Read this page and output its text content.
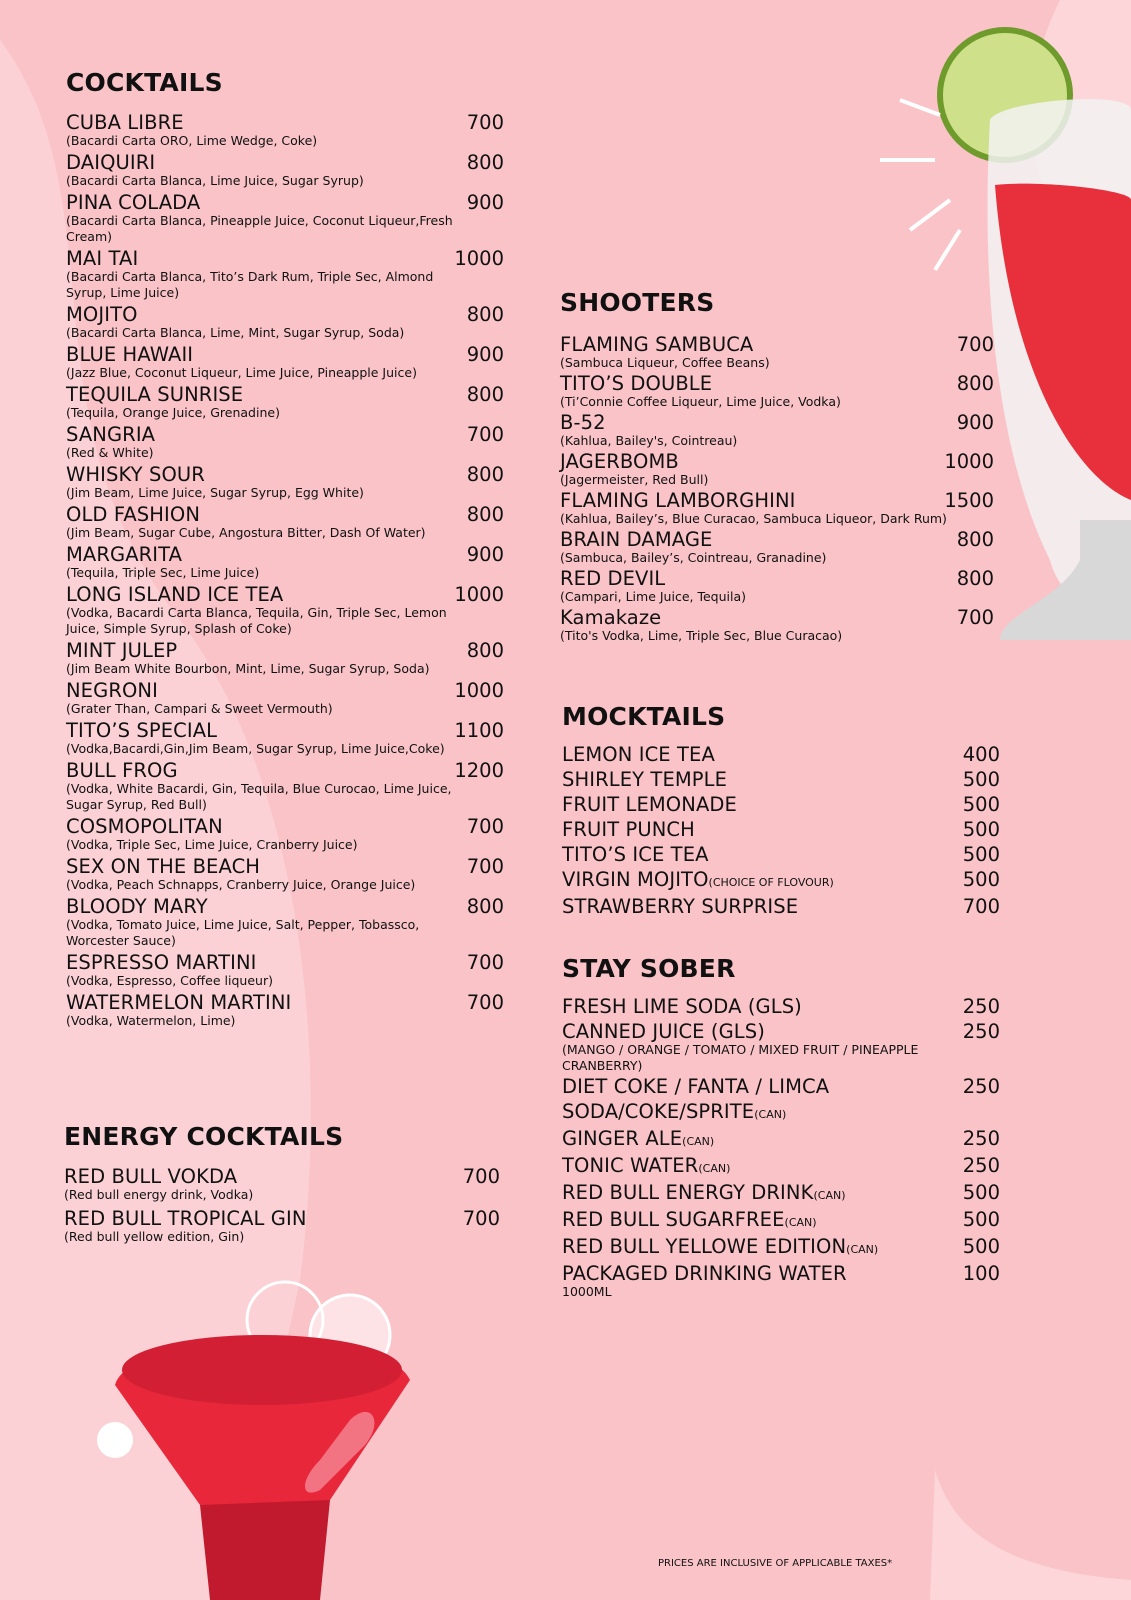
COCKTAILS
CUBA LIBRE	700
(Bacardi Carta ORO, Lime Wedge, Coke)
DAIQUIRI	800
(Bacardi Carta Blanca, Lime Juice, Sugar Syrup)
PINA COLADA	900
(Bacardi Carta Blanca, Pineapple Juice, Coconut Liqueur,Fresh Cream)
MAI TAI	1000
(Bacardi Carta Blanca, Tito’s Dark Rum, Triple Sec, Almond Syrup, Lime Juice)
MOJITO	800
(Bacardi Carta Blanca, Lime, Mint, Sugar Syrup, Soda)
BLUE HAWAII	900
(Jazz Blue, Coconut Liqueur, Lime Juice, Pineapple Juice)
TEQUILA SUNRISE	800
(Tequila, Orange Juice, Grenadine)
SANGRIA	700
(Red & White)
WHISKY SOUR	800
(Jim Beam, Lime Juice, Sugar Syrup, Egg White)
OLD FASHION	800
(Jim Beam, Sugar Cube, Angostura Bitter, Dash Of Water)
MARGARITA	900
(Tequila, Triple Sec, Lime Juice)
LONG ISLAND ICE TEA	1000
(Vodka, Bacardi Carta Blanca, Tequila, Gin, Triple Sec, Lemon Juice, Simple Syrup, Splash of Coke)
MINT JULEP	800
(Jim Beam White Bourbon, Mint, Lime, Sugar Syrup, Soda)
NEGRONI	1000
(Grater Than, Campari & Sweet Vermouth)
TITO’S SPECIAL	1100
(Vodka,Bacardi,Gin,Jim Beam, Sugar Syrup, Lime Juice,Coke)
BULL FROG	1200
(Vodka, White Bacardi, Gin, Tequila, Blue Curocao, Lime Juice, Sugar Syrup, Red Bull)
COSMOPOLITAN	700
(Vodka, Triple Sec, Lime Juice, Cranberry Juice)
SEX ON THE BEACH	700
(Vodka, Peach Schnapps, Cranberry Juice, Orange Juice)
BLOODY MARY	800
(Vodka, Tomato Juice, Lime Juice, Salt, Pepper, Tobassco, Worcester Sauce)
ESPRESSO MARTINI	700
(Vodka, Espresso, Coffee liqueur)
WATERMELON MARTINI	700
(Vodka, Watermelon, Lime)
ENERGY COCKTAILS
RED BULL VOKDA	700
(Red bull energy drink, Vodka)
RED BULL TROPICAL GIN	700
(Red bull yellow edition, Gin)
SHOOTERS
FLAMING SAMBUCA	700
(Sambuca Liqueur, Coffee Beans)
TITO’S DOUBLE	800
(Ti’Connie Coffee Liqueur, Lime Juice, Vodka)
B-52	900
(Kahlua, Bailey's, Cointreau)
JAGERBOMB	1000
(Jagermeister, Red Bull)
FLAMING LAMBORGHINI	1500
(Kahlua, Bailey’s, Blue Curacao, Sambuca Liqueor, Dark Rum)
BRAIN DAMAGE	800
(Sambuca, Bailey’s, Cointreau, Granadine)
RED DEVIL	800
(Campari, Lime Juice, Tequila)
Kamakaze	700
(Tito's Vodka, Lime, Triple Sec, Blue Curacao)
MOCKTAILS
LEMON ICE TEA	400
SHIRLEY TEMPLE	500
FRUIT LEMONADE	500
FRUIT PUNCH	500
TITO’S ICE TEA	500
VIRGIN MOJITO(CHOICE OF FLOVOUR)	500
STRAWBERRY SURPRISE	700
STAY SOBER
FRESH LIME SODA (GLS)	250
CANNED JUICE (GLS)	250
(MANGO / ORANGE / TOMATO / MIXED FRUIT / PINEAPPLE CRANBERRY)
DIET COKE / FANTA / LIMCA	250
SODA/COKE/SPRITE(CAN)
GINGER ALE(CAN)	250
TONIC WATER(CAN)	250
RED BULL ENERGY DRINK(CAN)	500
RED BULL SUGARFREE(CAN)	500
RED BULL YELLOWE EDITION(CAN)	500
PACKAGED DRINKING WATER	100
1000ML
PRICES ARE INCLUSIVE OF APPLICABLE TAXES*
